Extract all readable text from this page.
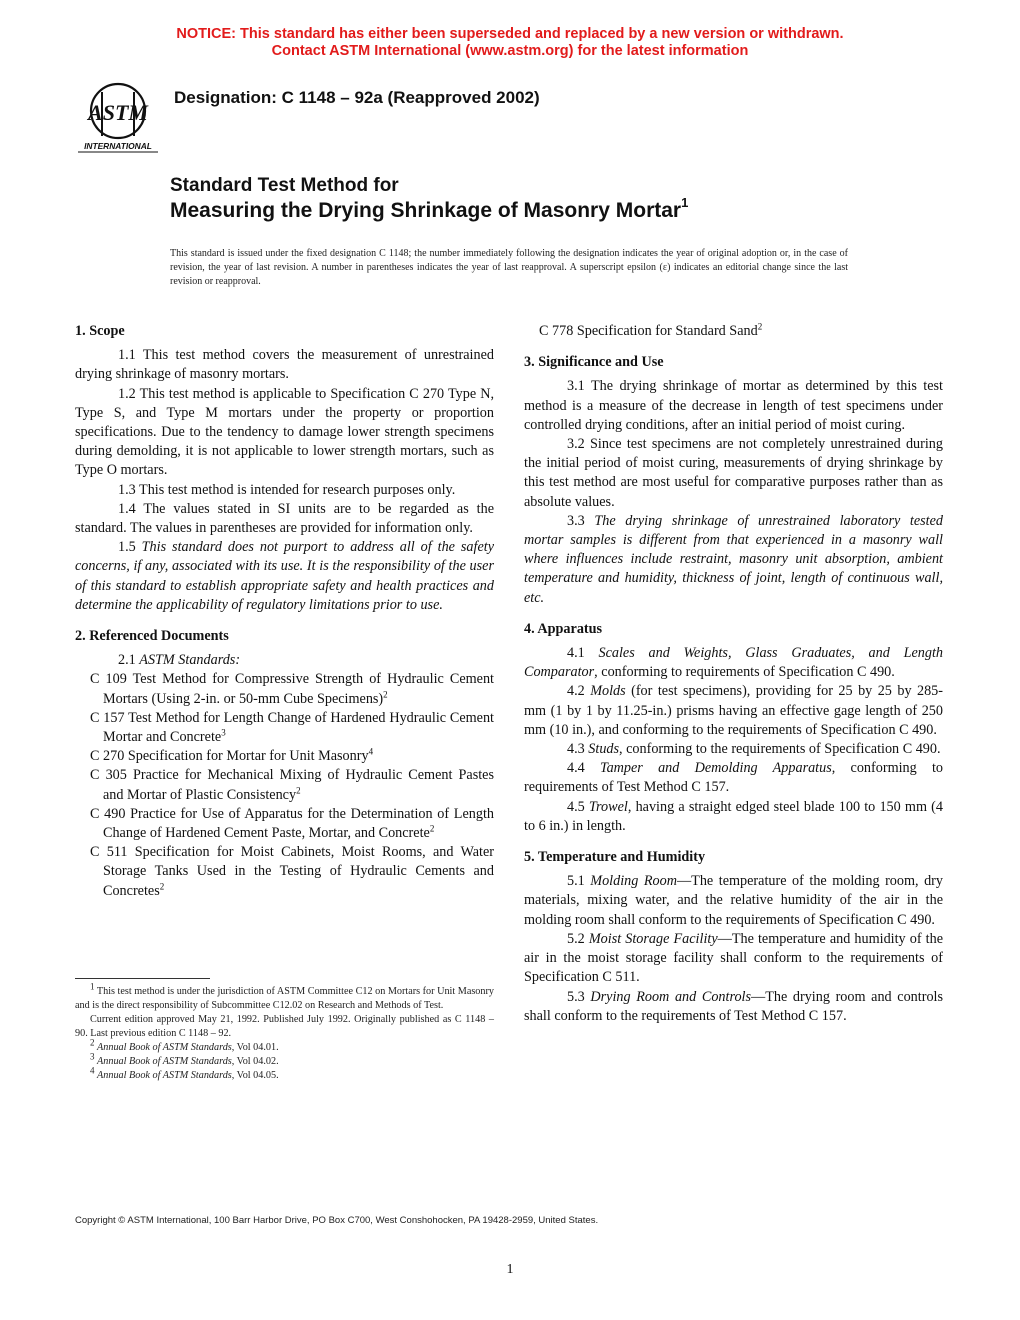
NOTICE: This standard has either been superseded and replaced by a new version or withdrawn.
Contact ASTM International (www.astm.org) for the latest information
ASTM
INTERNATIONAL
Designation: C 1148 – 92a (Reapproved 2002)
Standard Test Method for
Measuring the Drying Shrinkage of Masonry Mortar$^1$
This standard is issued under the fixed designation C 1148; the number immediately following the designation indicates the year of original adoption or, in the case of revision, the year of last revision. A number in parentheses indicates the year of last reapproval. A superscript epsilon (ε) indicates an editorial change since the last revision or reapproval.

1. Scope

1.1 This test method covers the measurement of unrestrained drying shrinkage of masonry mortars.

1.2 This test method is applicable to Specification C 270 Type N, Type S, and Type M mortars under the property or proportion specifications. Due to the tendency to damage lower strength specimens during demolding, it is not applicable to lower strength mortars, such as Type O mortars.

1.3 This test method is intended for research purposes only.

1.4 The values stated in SI units are to be regarded as the standard. The values in parentheses are provided for information only.

1.5 This standard does not purport to address all of the safety concerns, if any, associated with its use. It is the responsibility of the user of this standard to establish appropriate safety and health practices and determine the applicability of regulatory limitations prior to use.

2. Referenced Documents

2.1 ASTM Standards:

C 109 Test Method for Compressive Strength of Hydraulic Cement Mortars (Using 2-in. or 50-mm Cube Specimens)$^2$

C 157 Test Method for Length Change of Hardened Hydraulic Cement Mortar and Concrete$^3$

C 270 Specification for Mortar for Unit Masonry$^4$

C 305 Practice for Mechanical Mixing of Hydraulic Cement Pastes and Mortar of Plastic Consistency$^2$

C 490 Practice for Use of Apparatus for the Determination of Length Change of Hardened Cement Paste, Mortar, and Concrete$^2$

C 511 Specification for Moist Cabinets, Moist Rooms, and Water Storage Tanks Used in the Testing of Hydraulic Cements and Concretes$^2$

$^1$ This test method is under the jurisdiction of ASTM Committee C12 on Mortars for Unit Masonry and is the direct responsibility of Subcommittee C12.02 on Research and Methods of Test.

Current edition approved May 21, 1992. Published July 1992. Originally published as C 1148 – 90. Last previous edition C 1148 – 92.

$^2$ Annual Book of ASTM Standards, Vol 04.01.

$^3$ Annual Book of ASTM Standards, Vol 04.02.

$^4$ Annual Book of ASTM Standards, Vol 04.05.

C 778 Specification for Standard Sand$^2$

3. Significance and Use

3.1 The drying shrinkage of mortar as determined by this test method is a measure of the decrease in length of test specimens under controlled drying conditions, after an initial period of moist curing.

3.2 Since test specimens are not completely unrestrained during the initial period of moist curing, measurements of drying shrinkage by this test method are most useful for comparative purposes rather than as absolute values.

3.3 The drying shrinkage of unrestrained laboratory tested mortar samples is different from that experienced in a masonry wall where influences include restraint, masonry unit absorption, ambient temperature and humidity, thickness of joint, length of continuous wall, etc.

4. Apparatus

4.1 Scales and Weights, Glass Graduates, and Length Comparator, conforming to requirements of Specification C 490.

4.2 Molds (for test specimens), providing for 25 by 25 by 285-mm (1 by 1 by 11.25-in.) prisms having an effective gage length of 250 mm (10 in.), and conforming to the requirements of Specification C 490.

4.3 Studs, conforming to the requirements of Specification C 490.

4.4 Tamper and Demolding Apparatus, conforming to requirements of Test Method C 157.

4.5 Trowel, having a straight edged steel blade 100 to 150 mm (4 to 6 in.) in length.

5. Temperature and Humidity

5.1 Molding Room—The temperature of the molding room, dry materials, mixing water, and the relative humidity of the air in the molding room shall conform to the requirements of Specification C 490.

5.2 Moist Storage Facility—The temperature and humidity of the air in the moist storage facility shall conform to the requirements of Specification C 511.

5.3 Drying Room and Controls—The drying room and controls shall conform to the requirements of Test Method C 157.

Copyright © ASTM International, 100 Barr Harbor Drive, PO Box C700, West Conshohocken, PA 19428-2959, United States.
1
